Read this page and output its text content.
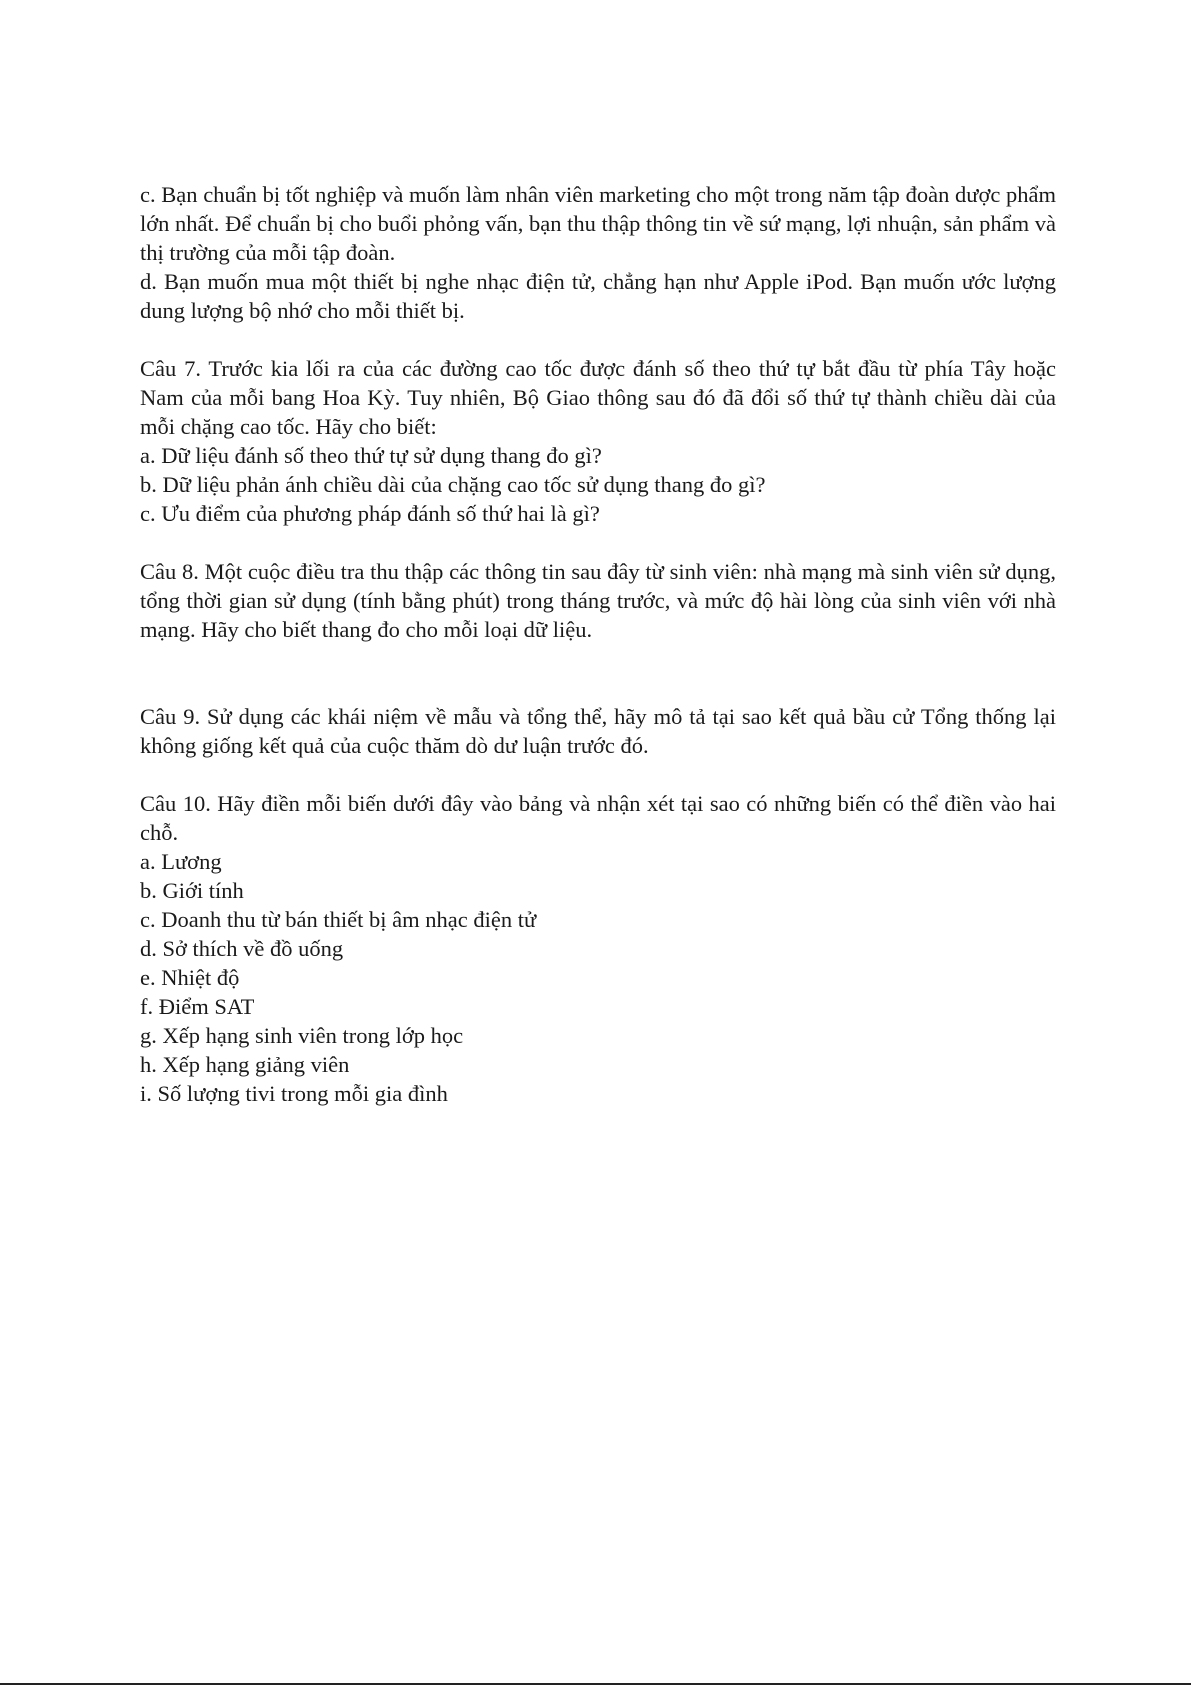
c. Bạn chuẩn bị tốt nghiệp và muốn làm nhân viên marketing cho một trong năm tập đoàn dược phẩm lớn nhất. Để chuẩn bị cho buổi phỏng vấn, bạn thu thập thông tin về sứ mạng, lợi nhuận, sản phẩm và thị trường của mỗi tập đoàn.

d. Bạn muốn mua một thiết bị nghe nhạc điện tử, chẳng hạn như Apple iPod. Bạn muốn ước lượng dung lượng bộ nhớ cho mỗi thiết bị.

Câu 7. Trước kia lối ra của các đường cao tốc được đánh số theo thứ tự bắt đầu từ phía Tây hoặc Nam của mỗi bang Hoa Kỳ. Tuy nhiên, Bộ Giao thông sau đó đã đổi số thứ tự thành chiều dài của mỗi chặng cao tốc. Hãy cho biết:

a. Dữ liệu đánh số theo thứ tự sử dụng thang đo gì?

b. Dữ liệu phản ánh chiều dài của chặng cao tốc sử dụng thang đo gì?

c. Ưu điểm của phương pháp đánh số thứ hai là gì?

Câu 8. Một cuộc điều tra thu thập các thông tin sau đây từ sinh viên: nhà mạng mà sinh viên sử dụng, tổng thời gian sử dụng (tính bằng phút) trong tháng trước, và mức độ hài lòng của sinh viên với nhà mạng. Hãy cho biết thang đo cho mỗi loại dữ liệu.

Câu 9. Sử dụng các khái niệm về mẫu và tổng thể, hãy mô tả tại sao kết quả bầu cử Tổng thống lại không giống kết quả của cuộc thăm dò dư luận trước đó.

Câu 10. Hãy điền mỗi biến dưới đây vào bảng và nhận xét tại sao có những biến có thể điền vào hai chỗ.

a. Lương

b. Giới tính

c. Doanh thu từ bán thiết bị âm nhạc điện tử

d. Sở thích về đồ uống

e. Nhiệt độ

f. Điểm SAT

g. Xếp hạng sinh viên trong lớp học

h. Xếp hạng giảng viên

i. Số lượng tivi trong mỗi gia đình
